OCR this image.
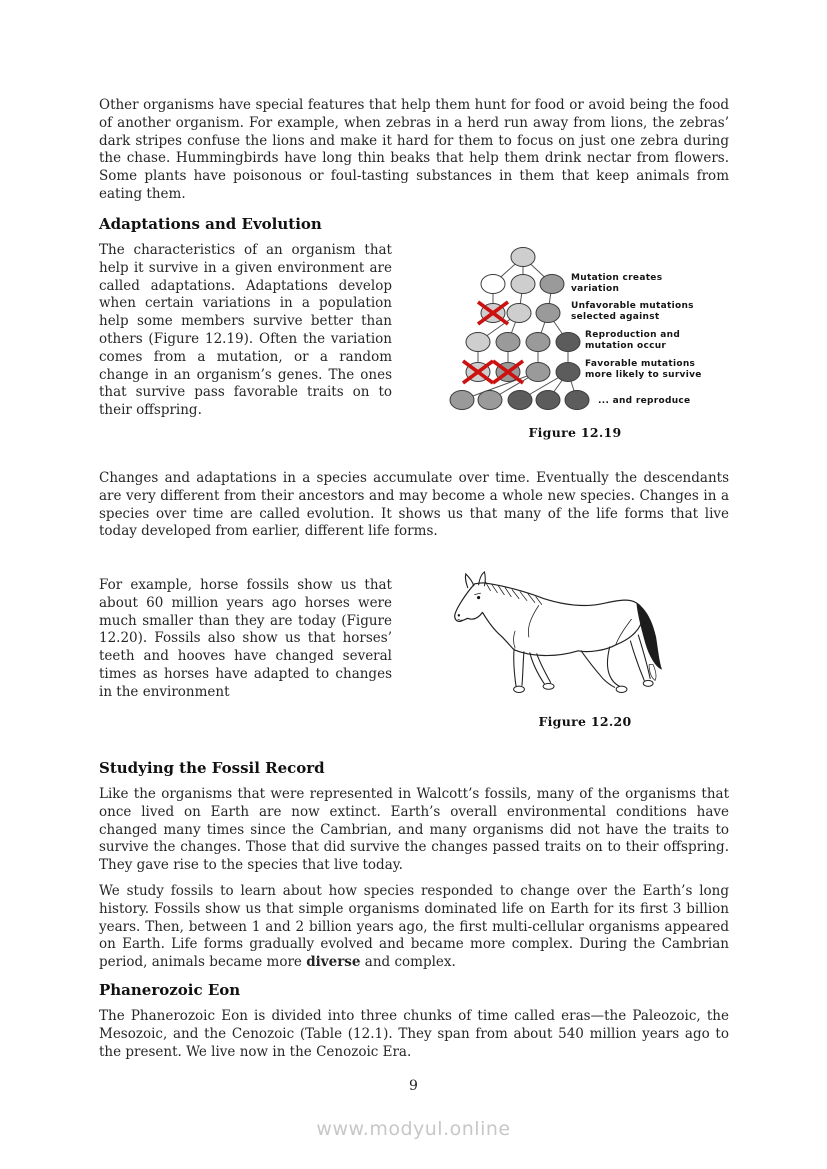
Other organisms have special features that help them hunt for food or avoid being the food of another organism. For example, when zebras in a herd run away from lions, the zebras’ dark stripes confuse the lions and make it hard for them to focus on just one zebra during the chase. Hummingbirds have long thin beaks that help them drink nectar from flowers. Some plants have poisonous or foul-tasting substances in them that keep animals from eating them.

Adaptations and Evolution

The characteristics of an organism that help it survive in a given environment are called adaptations. Adaptations develop when certain variations in a population help some members survive better than others (Figure 12.19). Often the variation comes from a mutation, or a random change in an organism’s genes. The ones that survive pass favorable traits on to their offspring.

Mutation creates
variation
Unfavorable mutations
selected against
Reproduction and
mutation occur
Favorable mutations
more likely to survive
... and reproduce
Figure 12.19

Changes and adaptations in a species accumulate over time. Eventually the descendants are very different from their ancestors and may become a whole new species. Changes in a species over time are called evolution. It shows us that many of the life forms that live today developed from earlier, different life forms.

For example, horse fossils show us that about 60 million years ago horses were much smaller than they are today (Figure 12.20). Fossils also show us that horses’ teeth and hooves have changed several times as horses have adapted to changes in the environment

Figure 12.20
Studying the Fossil Record

Like the organisms that were represented in Walcott’s fossils, many of the organisms that once lived on Earth are now extinct. Earth’s overall environmental conditions have changed many times since the Cambrian, and many organisms did not have the traits to survive the changes. Those that did survive the changes passed traits on to their offspring. They gave rise to the species that live today.

We study fossils to learn about how species responded to change over the Earth’s long history. Fossils show us that simple organisms dominated life on Earth for its first 3 billion years. Then, between 1 and 2 billion years ago, the first multi-cellular organisms appeared on Earth. Life forms gradually evolved and became more complex. During the Cambrian period, animals became more diverse and complex.

Phanerozoic Eon

The Phanerozoic Eon is divided into three chunks of time called eras—the Paleozoic, the Mesozoic, and the Cenozoic (Table (12.1). They span from about 540 million years ago to the present. We live now in the Cenozoic Era.

9
www.modyul.online
